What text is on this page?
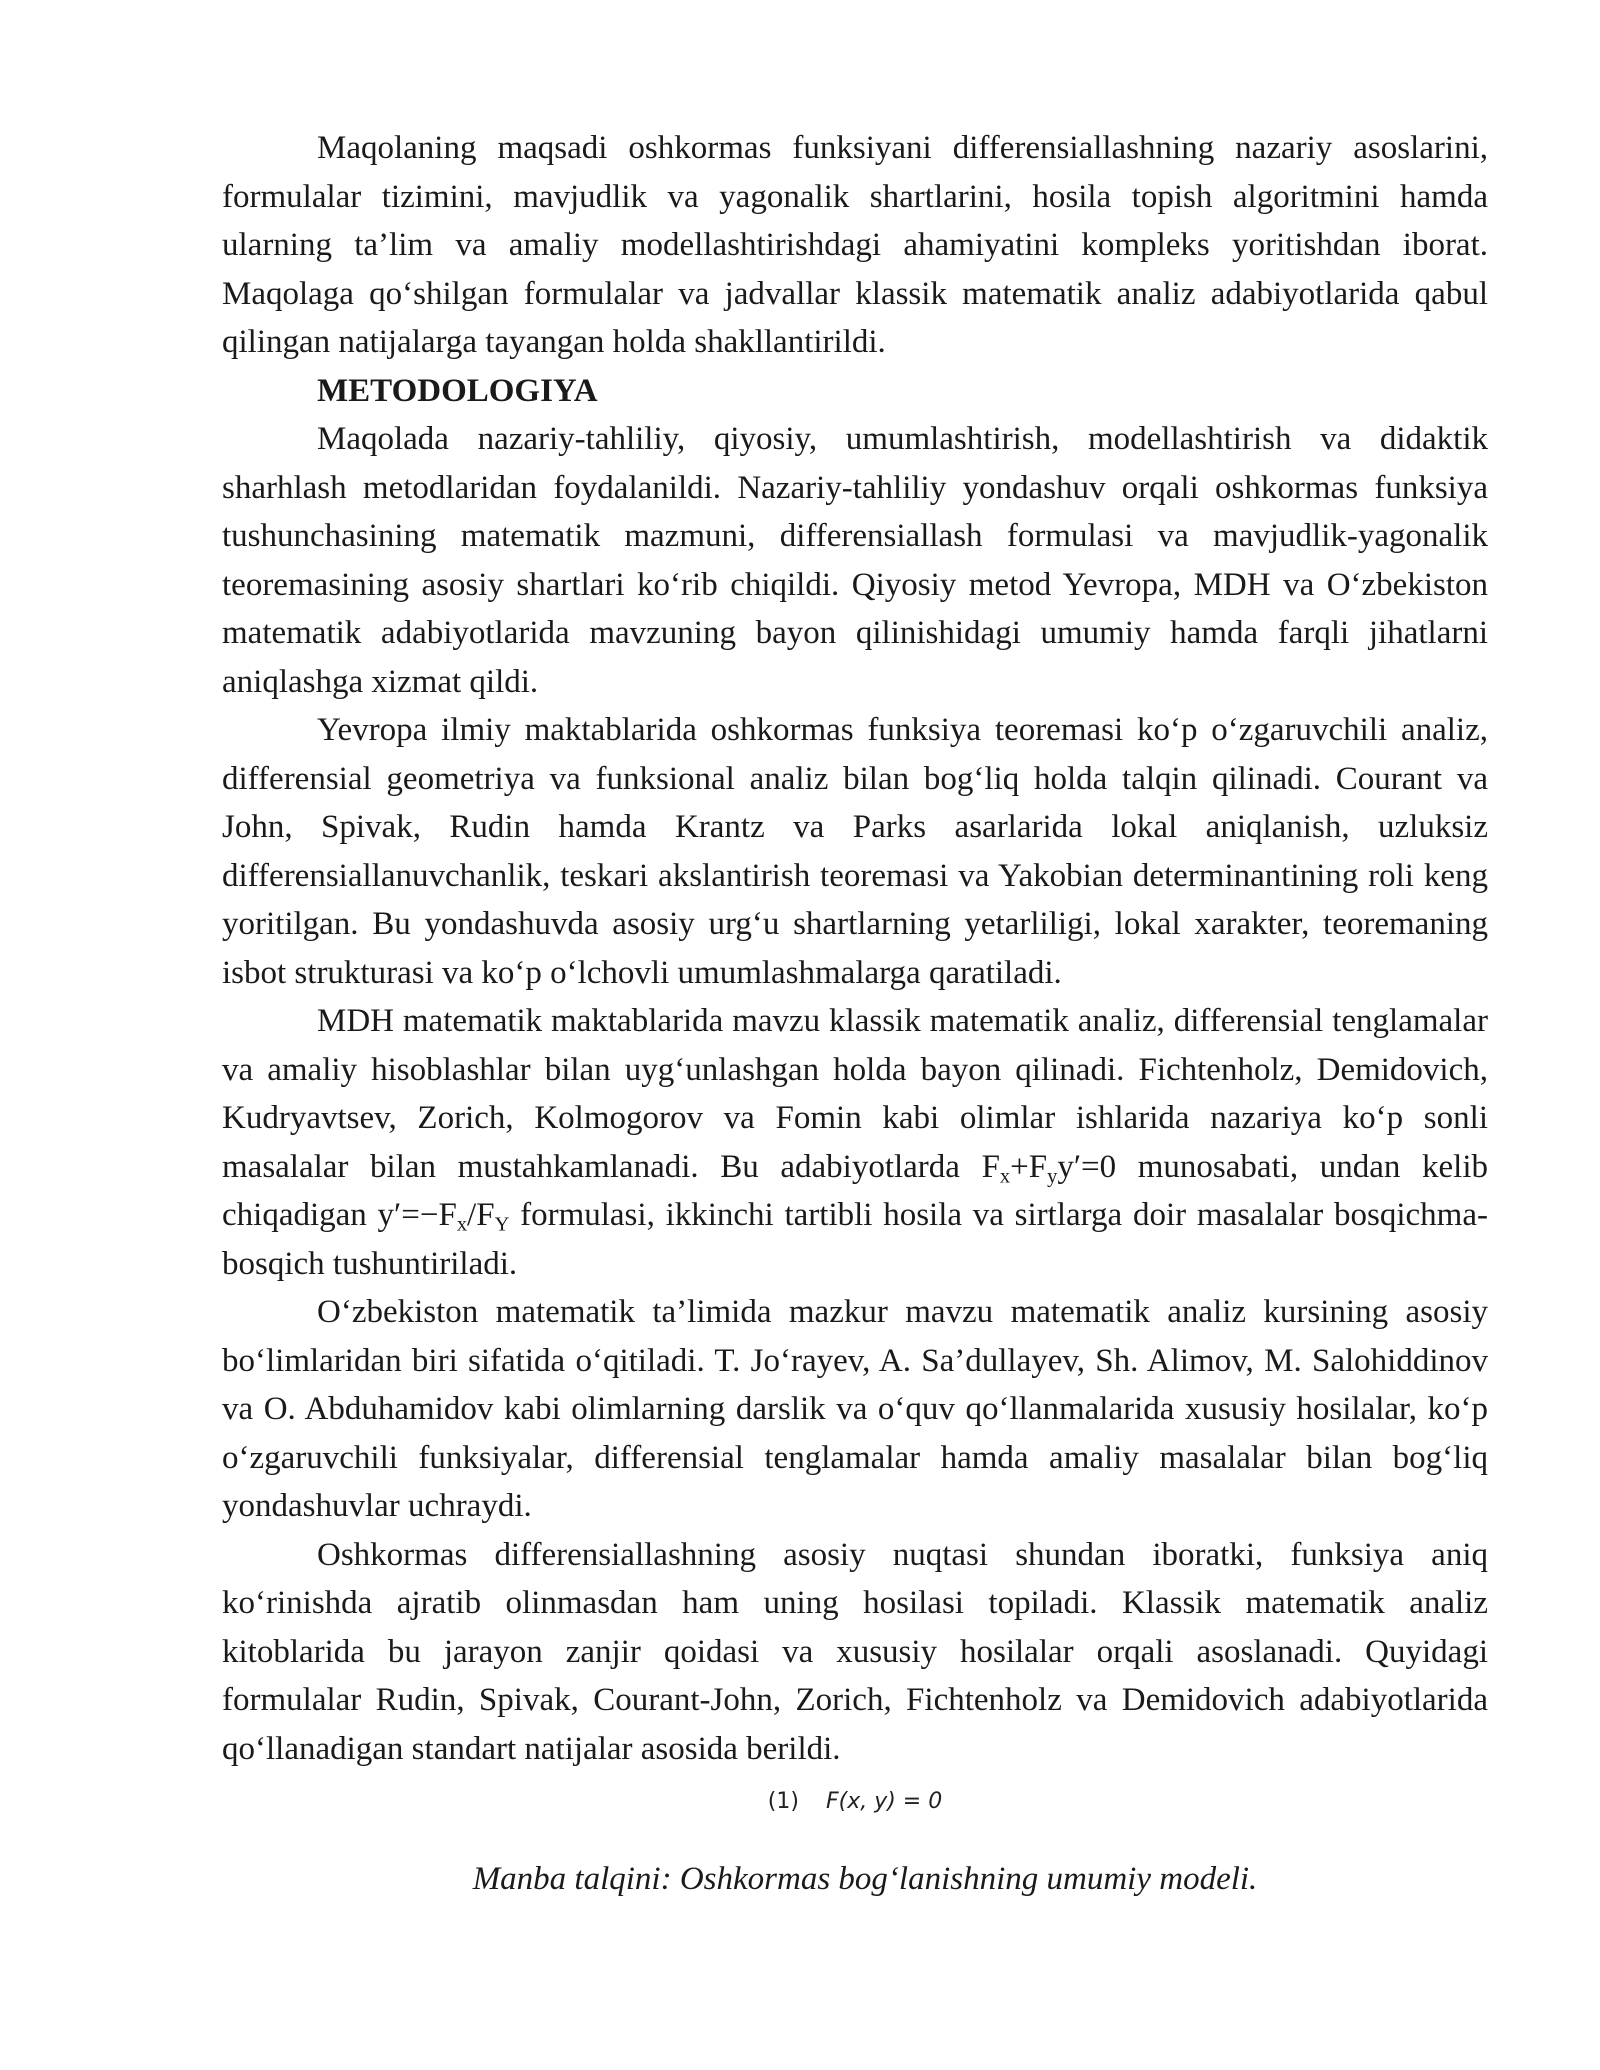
Maqolaning maqsadi oshkormas funksiyani differensiallashning nazariy asoslarini, formulalar tizimini, mavjudlik va yagonalik shartlarini, hosila topish algoritmini hamda ularning ta’lim va amaliy modellashtirishdagi ahamiyatini kompleks yoritishdan iborat. Maqolaga qo‘shilgan formulalar va jadvallar klassik matematik analiz adabiyotlarida qabul qilingan natijalarga tayangan holda shakllantirildi.

METODOLOGIYA

Maqolada nazariy-tahliliy, qiyosiy, umumlashtirish, modellashtirish va didaktik sharhlash metodlaridan foydalanildi. Nazariy-tahliliy yondashuv orqali oshkormas funksiya tushunchasining matematik mazmuni, differensiallash formulasi va mavjudlik-yagonalik teoremasining asosiy shartlari ko‘rib chiqildi. Qiyosiy metod Yevropa, MDH va O‘zbekiston matematik adabiyotlarida mavzuning bayon qilinishidagi umumiy hamda farqli jihatlarni aniqlashga xizmat qildi.

Yevropa ilmiy maktablarida oshkormas funksiya teoremasi ko‘p o‘zgaruvchili analiz, differensial geometriya va funksional analiz bilan bog‘liq holda talqin qilinadi. Courant va John, Spivak, Rudin hamda Krantz va Parks asarlarida lokal aniqlanish, uzluksiz differensiallanuvchanlik, teskari akslantirish teoremasi va Yakobian determinantining roli keng yoritilgan. Bu yondashuvda asosiy urg‘u shartlarning yetarliligi, lokal xarakter, teoremaning isbot strukturasi va ko‘p o‘lchovli umumlashmalarga qaratiladi.

MDH matematik maktablarida mavzu klassik matematik analiz, differensial tenglamalar va amaliy hisoblashlar bilan uyg‘unlashgan holda bayon qilinadi. Fichtenholz, Demidovich, Kudryavtsev, Zorich, Kolmogorov va Fomin kabi olimlar ishlarida nazariya ko‘p sonli masalalar bilan mustahkamlanadi. Bu adabiyotlarda $F_x+F_yy'=0$ munosabati, undan kelib chiqadigan $y'=-F_x/F_Y$ formulasi, ikkinchi tartibli hosila va sirtlarga doir masalalar bosqichma-bosqich tushuntiriladi.

O‘zbekiston matematik ta’limida mazkur mavzu matematik analiz kursining asosiy bo‘limlaridan biri sifatida o‘qitiladi. T. Jo‘rayev, A. Sa’dullayev, Sh. Alimov, M. Salohiddinov va O. Abduhamidov kabi olimlarning darslik va o‘quv qo‘llanmalarida xususiy hosilalar, ko‘p o‘zgaruvchili funksiyalar, differensial tenglamalar hamda amaliy masalalar bilan bog‘liq yondashuvlar uchraydi.

Oshkormas differensiallashning asosiy nuqtasi shundan iboratki, funksiya aniq ko‘rinishda ajratib olinmasdan ham uning hosilasi topiladi. Klassik matematik analiz kitoblarida bu jarayon zanjir qoidasi va xususiy hosilalar orqali asoslanadi. Quyidagi formulalar Rudin, Spivak, Courant-John, Zorich, Fichtenholz va Demidovich adabiyotlarida qo‘llanadigan standart natijalar asosida berildi.

(1) F(x, y) = 0

Manba talqini: Oshkormas bog‘lanishning umumiy modeli.
